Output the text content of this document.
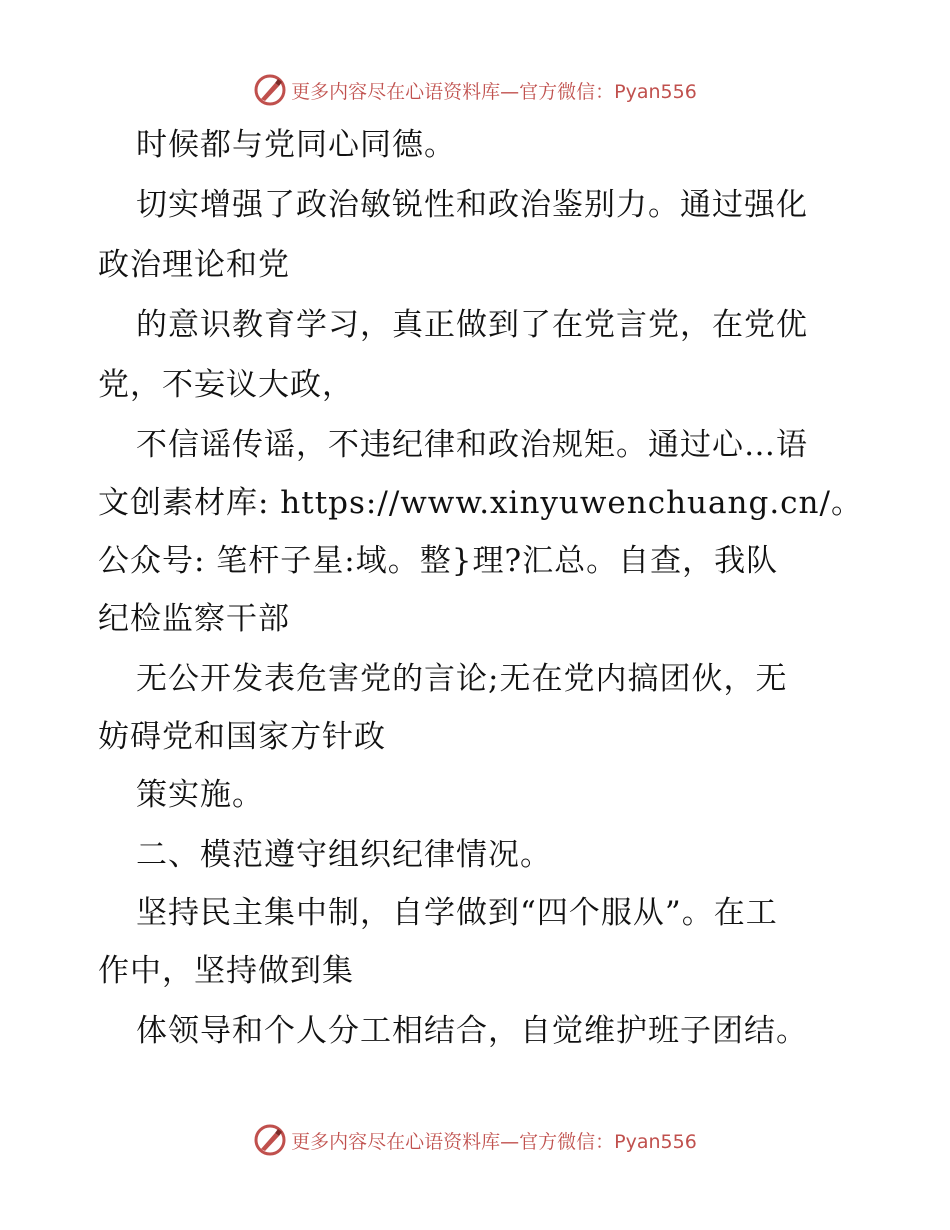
更多内容尽在心语资料库—官方微信：Pyan556
时候都与党同心同德。
切实增强了政治敏锐性和政治鉴别力。通过强化
政治理论和党
的意识教育学习，真正做到了在党言党，在党优
党，不妄议大政，
不信谣传谣，不违纪律和政治规矩。通过心…语
文创素材库: https://www.xinyuwenchuang.cn/。
公众号: 笔杆子星:域。整}理?汇总。自查，我队
纪检监察干部
无公开发表危害党的言论;无在党内搞团伙，无
妨碍党和国家方针政
策实施。
二、模范遵守组织纪律情况。
坚持民主集中制，自学做到“四个服从”。在工
作中，坚持做到集
体领导和个人分工相结合，自觉维护班子团结。
更多内容尽在心语资料库—官方微信：Pyan556
